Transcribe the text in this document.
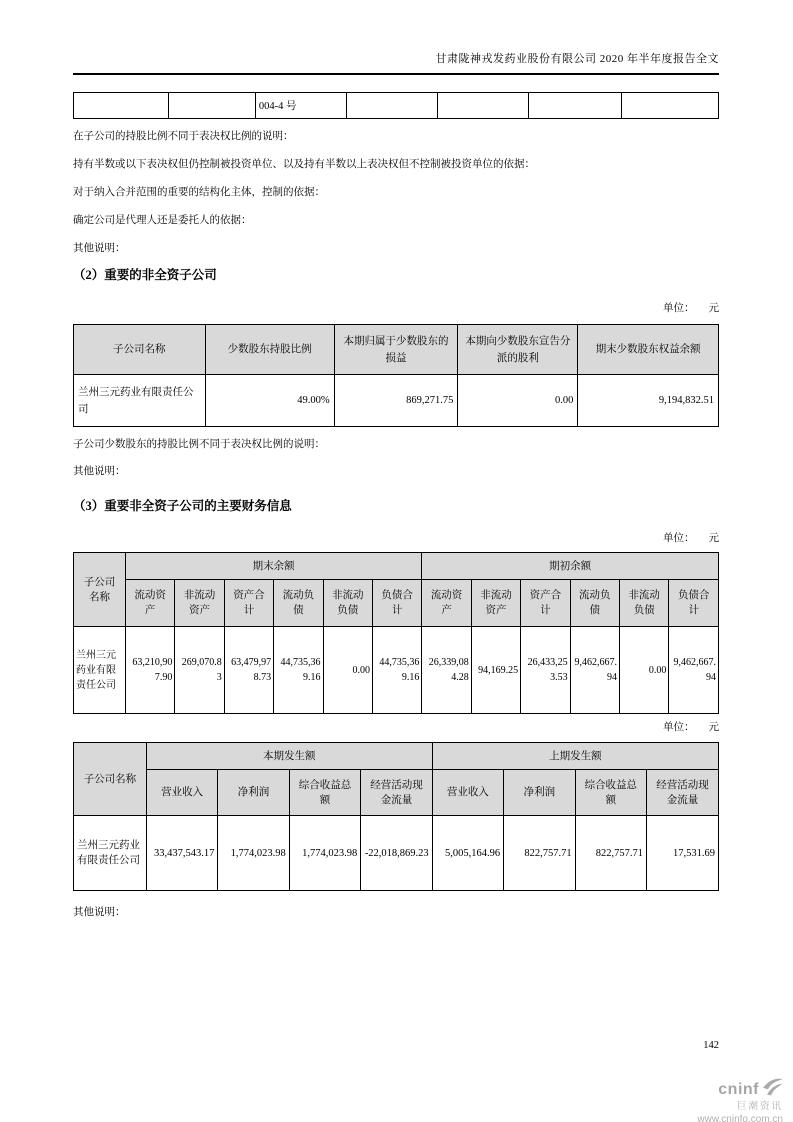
甘肃陇神戎发药业股份有限公司 2020 年半年度报告全文
		004-4 号				
在子公司的持股比例不同于表决权比例的说明：
持有半数或以下表决权但仍控制被投资单位、以及持有半数以上表决权但不控制被投资单位的依据：
对于纳入合并范围的重要的结构化主体，控制的依据：
确定公司是代理人还是委托人的依据：
其他说明：
（2）重要的非全资子公司
单位： 元
子公司名称	少数股东持股比例	本期归属于少数股东的损益	本期向少数股东宣告分派的股利	期末少数股东权益余额
兰州三元药业有限责任公司	49.00%	869,271.75	0.00	9,194,832.51
子公司少数股东的持股比例不同于表决权比例的说明：
其他说明：
（3）重要非全资子公司的主要财务信息
单位： 元
子公司 名称	期末余额						期初余额					
	流动资产	非流动资产	资产合计	流动负债	非流动负债	负债合计	流动资产	非流动资产	资产合计	流动负债	非流动负债	负债合计
兰州三元药业有限责任公司	63,210,907.90	269,070.83	63,479,978.73	44,735,369.16	0.00	44,735,369.16	26,339,084.28	94,169.25	26,433,253.53	9,462,667.94	0.00	9,462,667.94
单位： 元
子公司名称	本期发生额				上期发生额			
	营业收入	净利润	综合收益总额	经营活动现金流量	营业收入	净利润	综合收益总额	经营活动现金流量
兰州三元药业有限责任公司	33,437,543.17	1,774,023.98	1,774,023.98	-22,018,869.23	5,005,164.96	822,757.71	822,757.71	17,531.69
其他说明：
142
cninf
巨潮资讯
www.cninfo.com.cn
